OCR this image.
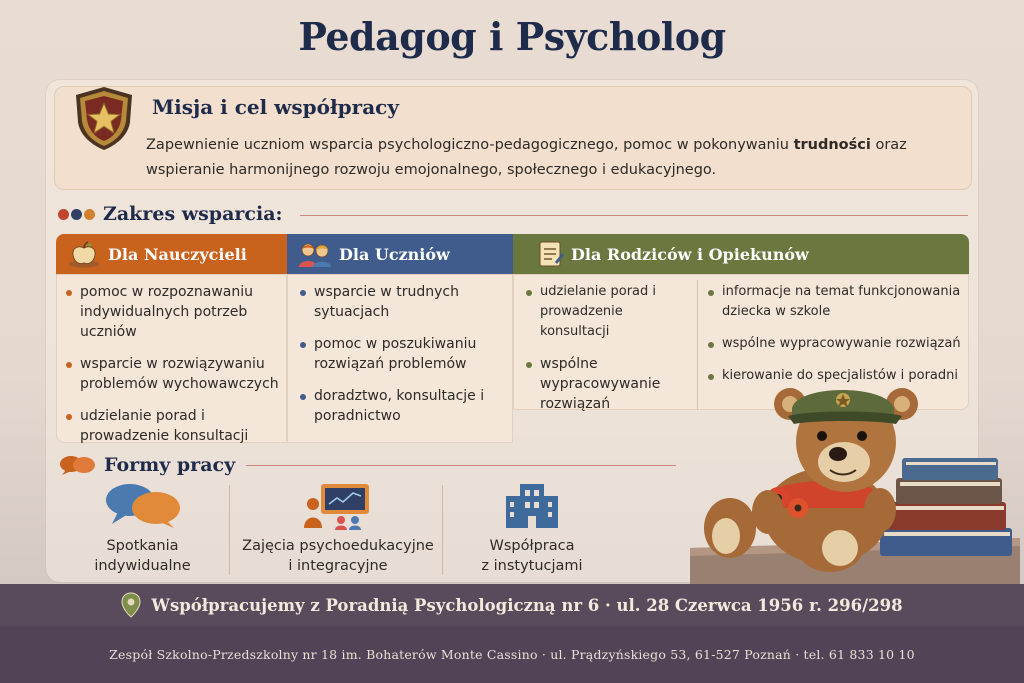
Pedagog i Psycholog
Misja i cel współpracy

Zapewnienie uczniom wsparcia psychologiczno-pedagogicznego, pomoc w pokonywaniu trudności oraz wspieranie harmonijnego rozwoju emojonalnego, społecznego i edukacyjnego.

Zakres wsparcia:
Dla Nauczycieli
pomoc w rozpoznawaniu indywidualnych potrzeb uczniów
wsparcie w rozwiązywaniu problemów wychowawczych
udzielanie porad i prowadzenie konsultacji
Dla Uczniów
wsparcie w trudnych sytuacjach
pomoc w poszukiwaniu rozwiązań problemów
doradztwo, konsultacje i poradnictwo
Dla Rodziców i Opiekunów
udzielanie porad i prowadzenie konsultacji
wspólne wypracowywanie rozwiązań
informacje na temat funkcjonowania dziecka w szkole
wspólne wypracowywanie rozwiązań
kierowanie do specjalistów i poradni
Formy pracy
Spotkania
indywidualne
Zajęcia psychoedukacyjne
i integracyjne
Współpraca
z instytucjami
Współpracujemy z Poradnią Psychologiczną nr 6 · ul. 28 Czerwca 1956 r. 296/298
Zespół Szkolno-Przedszkolny nr 18 im. Bohaterów Monte Cassino · ul. Prądzyńskiego 53, 61-527 Poznań · tel. 61 833 10 10
